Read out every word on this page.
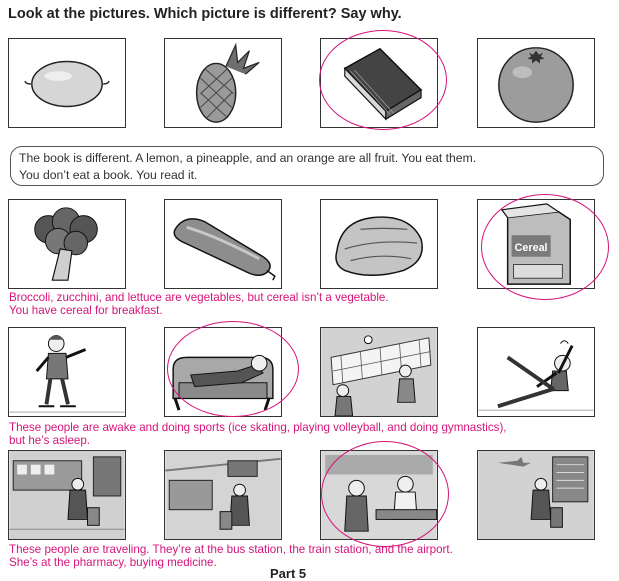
Look at the pictures. Which picture is different? Say why.
The book is different. A lemon, a pineapple, and an orange are all fruit. You eat them.
You don’t eat a book. You read it.
Cereal
Broccoli, zucchini, and lettuce are vegetables, but cereal isn’t a vegetable.
You have cereal for breakfast.
These people are awake and doing sports (ice skating, playing volleyball, and doing gymnastics),
but he’s asleep.
These people are traveling. They’re at the bus station, the train station, and the airport.
She’s at the pharmacy, buying medicine.
Part 5
